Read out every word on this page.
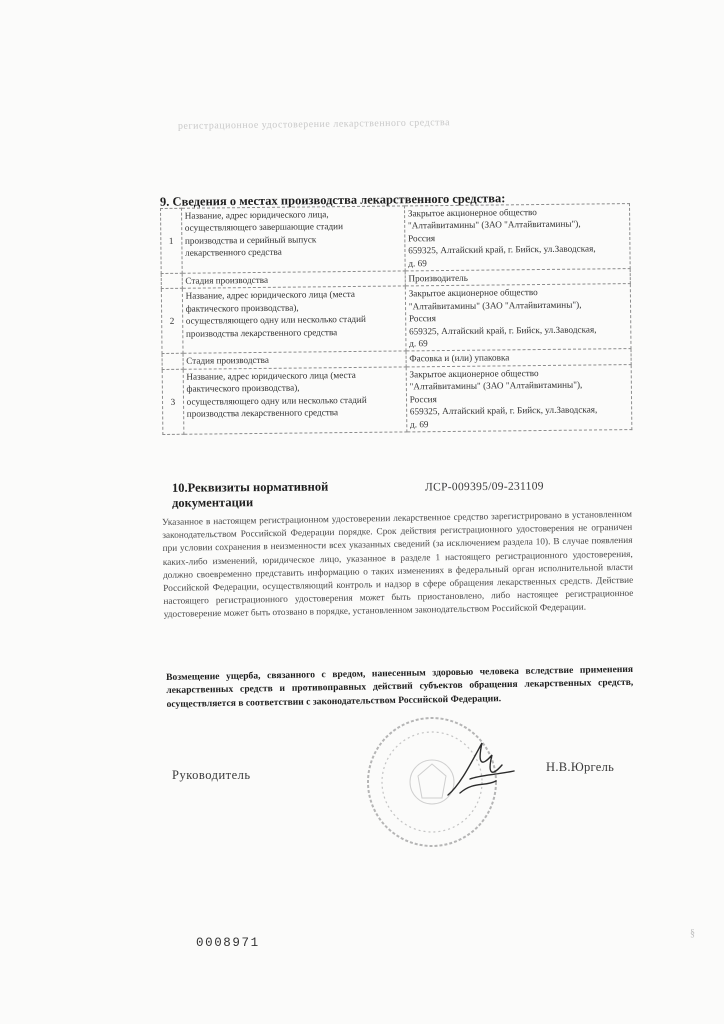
регистрационное удостоверение лекарственного средства
9. Сведения о местах производства лекарственного средства:
1	Название, адрес юридического лица,
осуществляющего завершающие стадии
производства и серийный выпуск
лекарственного средства	Закрытое акционерное общество
"Алтайвитамины" (ЗАО "Алтайвитамины"),
Россия
659325, Алтайский край, г. Бийск, ул.Заводская,
д. 69

	Стадия производства	Производитель
2	Название, адрес юридического лица (места
фактического производства),
осуществляющего одну или несколько стадий
производства лекарственного средства	Закрытое акционерное общество
"Алтайвитамины" (ЗАО "Алтайвитамины"),
Россия
659325, Алтайский край, г. Бийск, ул.Заводская,
д. 69

	Стадия производства	Фасовка и (или) упаковка
3	Название, адрес юридического лица (места
фактического производства),
осуществляющего одну или несколько стадий
производства лекарственного средства	Закрытое акционерное общество
"Алтайвитамины" (ЗАО "Алтайвитамины"),
Россия
659325, Алтайский край, г. Бийск, ул.Заводская,
д. 69
10.Реквизиты нормативной документации
ЛСР-009395/09-231109
Указанное в настоящем регистрационном удостоверении лекарственное средство зарегистрировано в установленном законодательством Российской Федерации порядке. Срок действия регистрационного удостоверения не ограничен при условии сохранения в неизменности всех указанных сведений (за исключением раздела 10). В случае появления каких-либо изменений, юридическое лицо, указанное в разделе 1 настоящего регистрационного удостоверения, должно своевременно представить информацию о таких изменениях в федеральный орган исполнительной власти Российской Федерации, осуществляющий контроль и надзор в сфере обращения лекарственных средств. Действие настоящего регистрационного удостоверения может быть приостановлено, либо настоящее регистрационное удостоверение может быть отозвано в порядке, установленном законодательством Российской Федерации.
Возмещение ущерба, связанного с вредом, нанесенным здоровью человека вследствие применения лекарственных средств и противоправных действий субъектов обращения лекарственных средств, осуществляется в соответствии с законодательством Российской Федерации.
Руководитель
Н.В.Юргель
0008971
§
